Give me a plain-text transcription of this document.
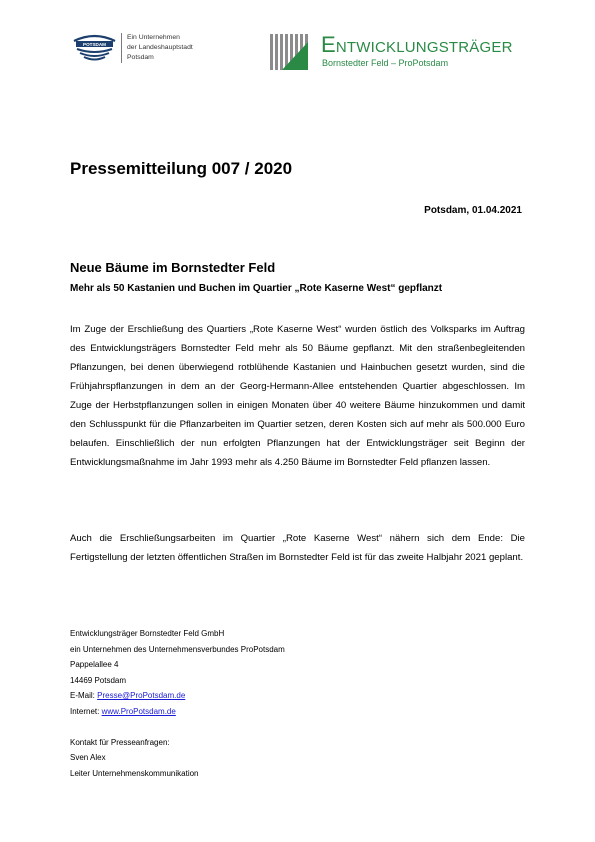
POTSDAM
Ein Unternehmen
der Landeshauptstadt
Potsdam
Entwicklungsträger
Bornstedter Feld – ProPotsdam
Pressemitteilung 007 / 2020
Potsdam, 01.04.2021
Neue Bäume im Bornstedter Feld
Mehr als 50 Kastanien und Buchen im Quartier „Rote Kaserne West“ gepflanzt
Im Zuge der Erschließung des Quartiers „Rote Kaserne West“ wurden östlich des Volksparks im Auftrag des Entwicklungsträgers Bornstedter Feld mehr als 50 Bäume gepflanzt. Mit den straßenbegleitenden Pflanzungen, bei denen überwiegend rotblühende Kastanien und Hainbuchen gesetzt wurden, sind die Frühjahrspflanzungen in dem an der Georg-Hermann-Allee entstehenden Quartier abgeschlossen. Im Zuge der Herbstpflanzungen sollen in einigen Monaten über 40 weitere Bäume hinzukommen und damit den Schlusspunkt für die Pflanzarbeiten im Quartier setzen, deren Kosten sich auf mehr als 500.000 Euro belaufen. Einschließlich der nun erfolgten Pflanzungen hat der Entwicklungsträger seit Beginn der Entwicklungsmaßnahme im Jahr 1993 mehr als 4.250 Bäume im Bornstedter Feld pflanzen lassen.
Auch die Erschließungsarbeiten im Quartier „Rote Kaserne West“ nähern sich dem Ende: Die Fertigstellung der letzten öffentlichen Straßen im Bornstedter Feld ist für das zweite Halbjahr 2021 geplant.
Entwicklungsträger Bornstedter Feld GmbH
ein Unternehmen des Unternehmensverbundes ProPotsdam
Pappelallee 4
14469 Potsdam
E-Mail: Presse@ProPotsdam.de
Internet: www.ProPotsdam.de
Kontakt für Presseanfragen:
Sven Alex
Leiter Unternehmenskommunikation
